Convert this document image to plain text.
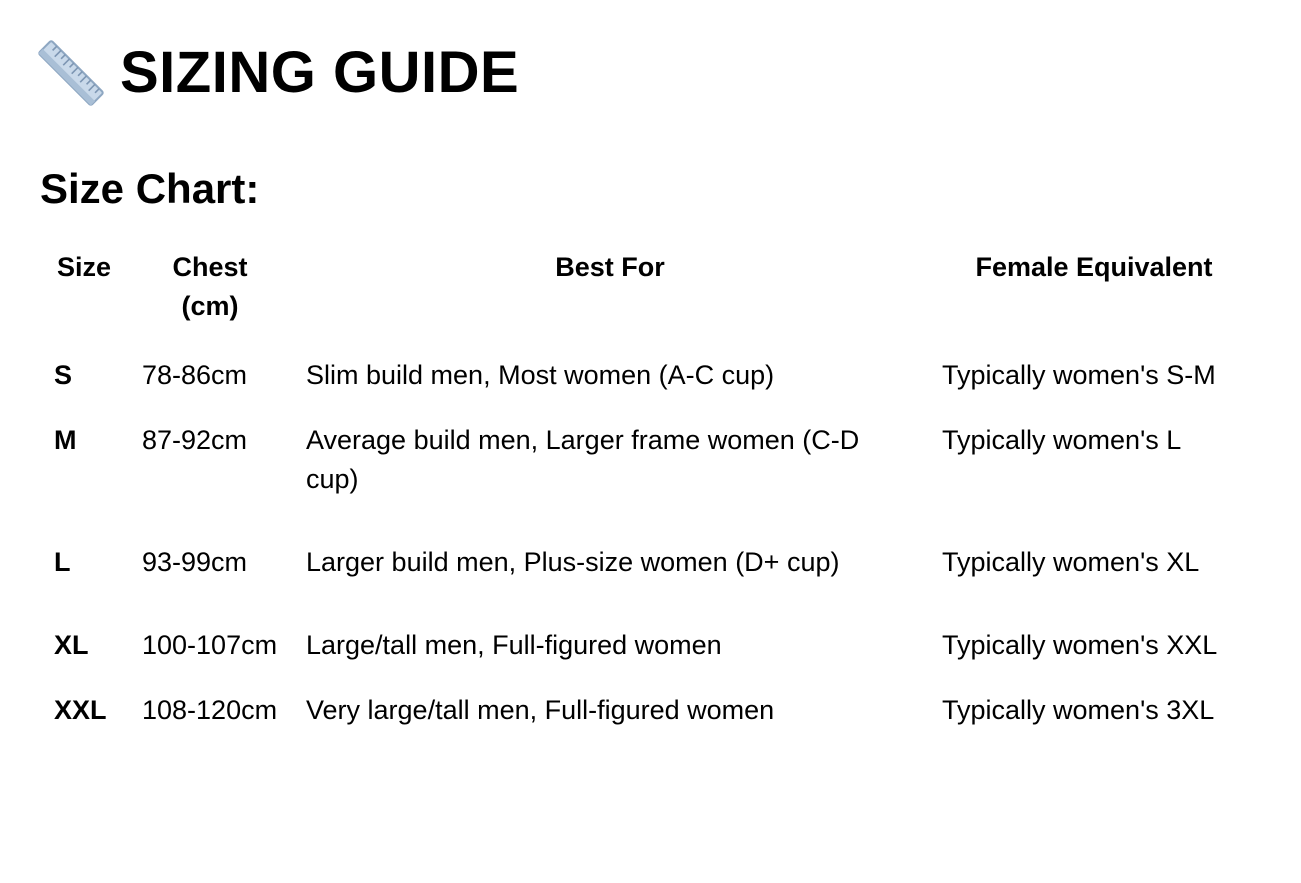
SIZING GUIDE
Size Chart:
Size	Chest (cm)	Best For	Female Equivalent
S	78-86cm	Slim build men, Most women (A-C cup)	Typically women's S-M
M	87-92cm	Average build men, Larger frame women (C-D cup)	Typically women's L
L	93-99cm	Larger build men, Plus-size women (D+ cup)	Typically women's XL
XL	100-107cm	Large/tall men, Full-figured women	Typically women's XXL
XXL	108-120cm	Very large/tall men, Full-figured women	Typically women's 3XL
